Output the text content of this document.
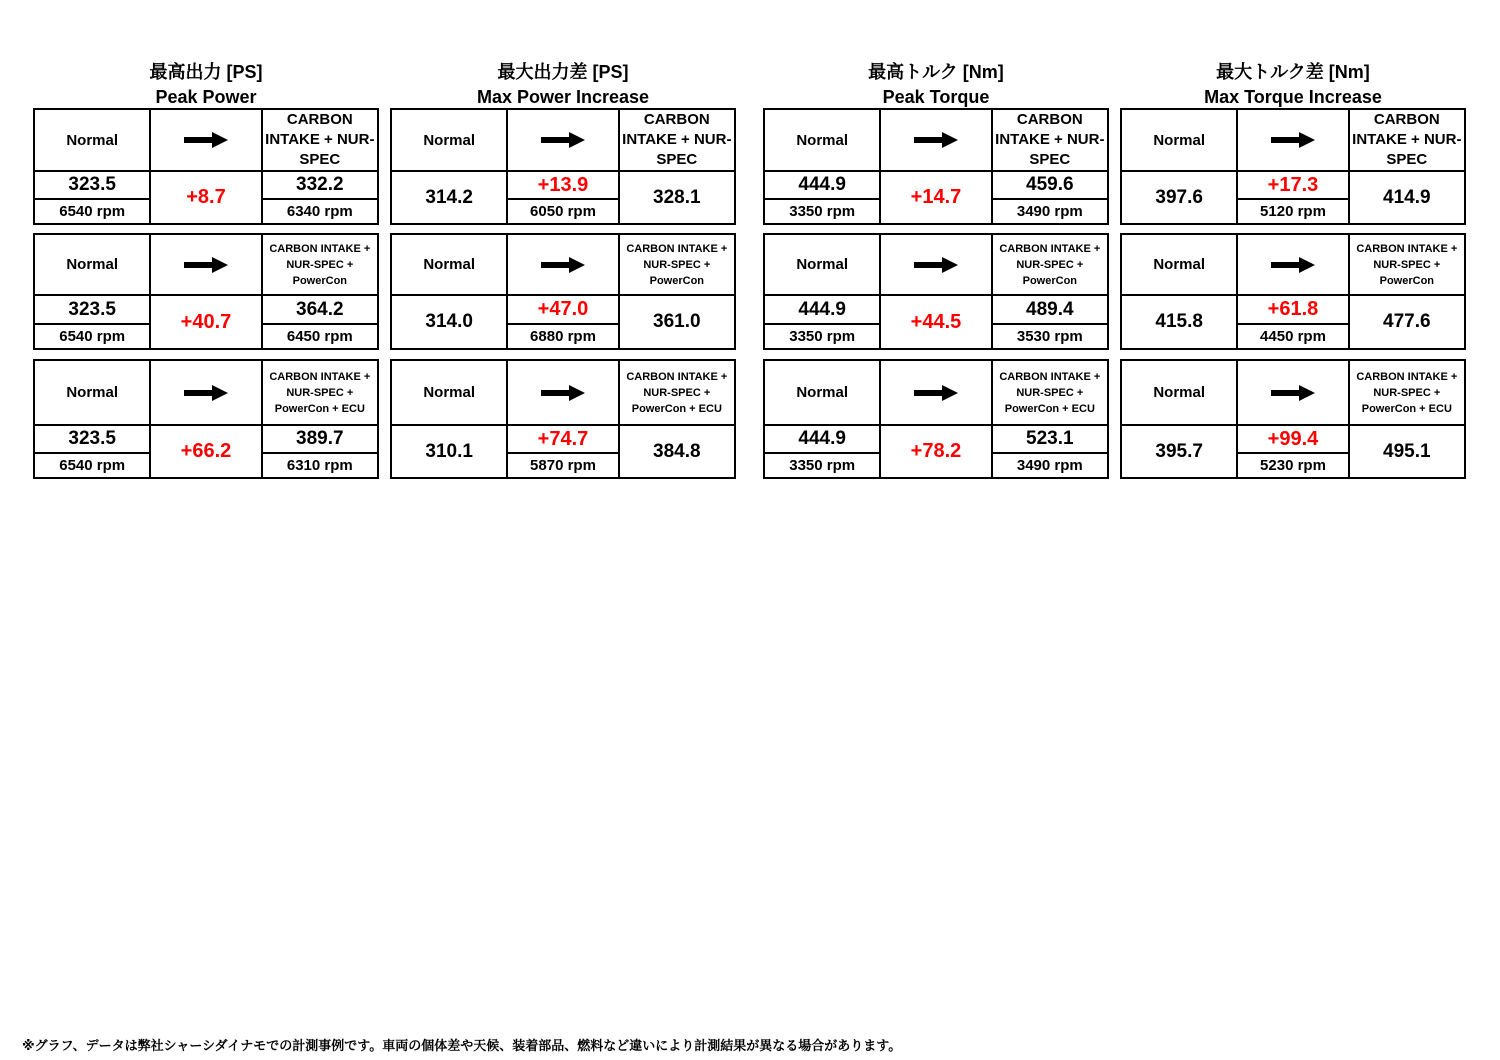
最高出力 [PS]
Peak Power
Normal		CARBON INTAKE + NUR-SPEC
323.5	+8.7	332.2
6540 rpm		6340 rpm
Normal		CARBON INTAKE + NUR-SPEC + PowerCon
323.5	+40.7	364.2
6540 rpm		6450 rpm
Normal		CARBON INTAKE + NUR-SPEC + PowerCon + ECU
323.5	+66.2	389.7
6540 rpm		6310 rpm
最大出力差 [PS]
Max Power Increase
Normal		CARBON INTAKE + NUR-SPEC
314.2	+13.9	328.1
	6050 rpm	
Normal		CARBON INTAKE + NUR-SPEC + PowerCon
314.0	+47.0	361.0
	6880 rpm	
Normal		CARBON INTAKE + NUR-SPEC + PowerCon + ECU
310.1	+74.7	384.8
	5870 rpm	
最高トルク [Nm]
Peak Torque
Normal		CARBON INTAKE + NUR-SPEC
444.9	+14.7	459.6
3350 rpm		3490 rpm
Normal		CARBON INTAKE + NUR-SPEC + PowerCon
444.9	+44.5	489.4
3350 rpm		3530 rpm
Normal		CARBON INTAKE + NUR-SPEC + PowerCon + ECU
444.9	+78.2	523.1
3350 rpm		3490 rpm
最大トルク差 [Nm]
Max Torque Increase
Normal		CARBON INTAKE + NUR-SPEC
397.6	+17.3	414.9
	5120 rpm	
Normal		CARBON INTAKE + NUR-SPEC + PowerCon
415.8	+61.8	477.6
	4450 rpm	
Normal		CARBON INTAKE + NUR-SPEC + PowerCon + ECU
395.7	+99.4	495.1
	5230 rpm	
※グラフ、データは弊社シャーシダイナモでの計測事例です。車両の個体差や天候、装着部品、燃料など違いにより計測結果が異なる場合があります。
